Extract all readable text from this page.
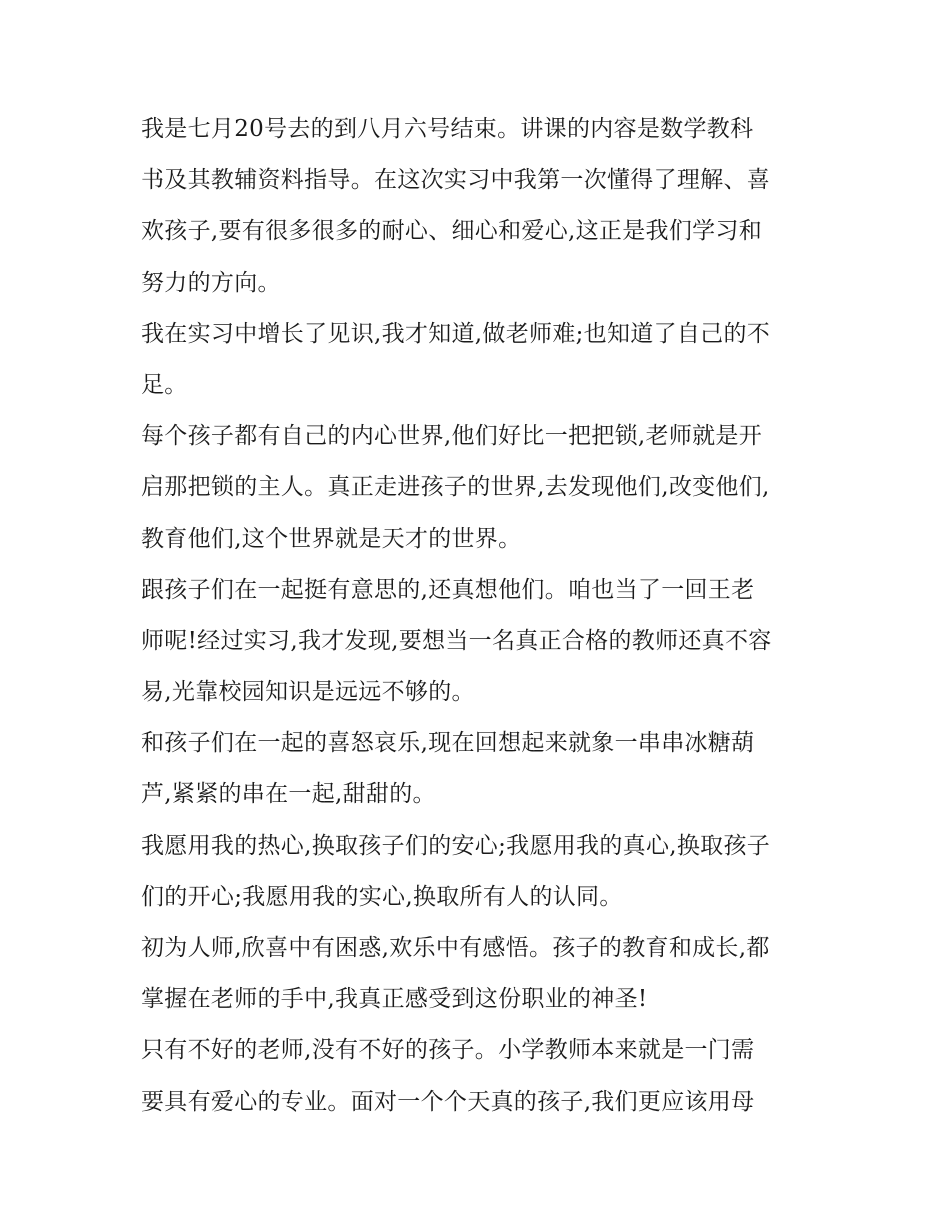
我是七月20号去的到八月六号结束。讲课的内容是数学教科
书及其教辅资料指导。在这次实习中我第一次懂得了理解、喜
欢孩子,要有很多很多的耐心、细心和爱心,这正是我们学习和
努力的方向。
我在实习中增长了见识,我才知道,做老师难;也知道了自己的不
足。
每个孩子都有自己的内心世界,他们好比一把把锁,老师就是开
启那把锁的主人。真正走进孩子的世界,去发现他们,改变他们,
教育他们,这个世界就是天才的世界。
跟孩子们在一起挺有意思的,还真想他们。咱也当了一回王老
师呢!经过实习,我才发现,要想当一名真正合格的教师还真不容
易,光靠校园知识是远远不够的。
和孩子们在一起的喜怒哀乐,现在回想起来就象一串串冰糖葫
芦,紧紧的串在一起,甜甜的。
我愿用我的热心,换取孩子们的安心;我愿用我的真心,换取孩子
们的开心;我愿用我的实心,换取所有人的认同。
初为人师,欣喜中有困惑,欢乐中有感悟。孩子的教育和成长,都
掌握在老师的手中,我真正感受到这份职业的神圣!
只有不好的老师,没有不好的孩子。小学教师本来就是一门需
要具有爱心的专业。面对一个个天真的孩子,我们更应该用母
